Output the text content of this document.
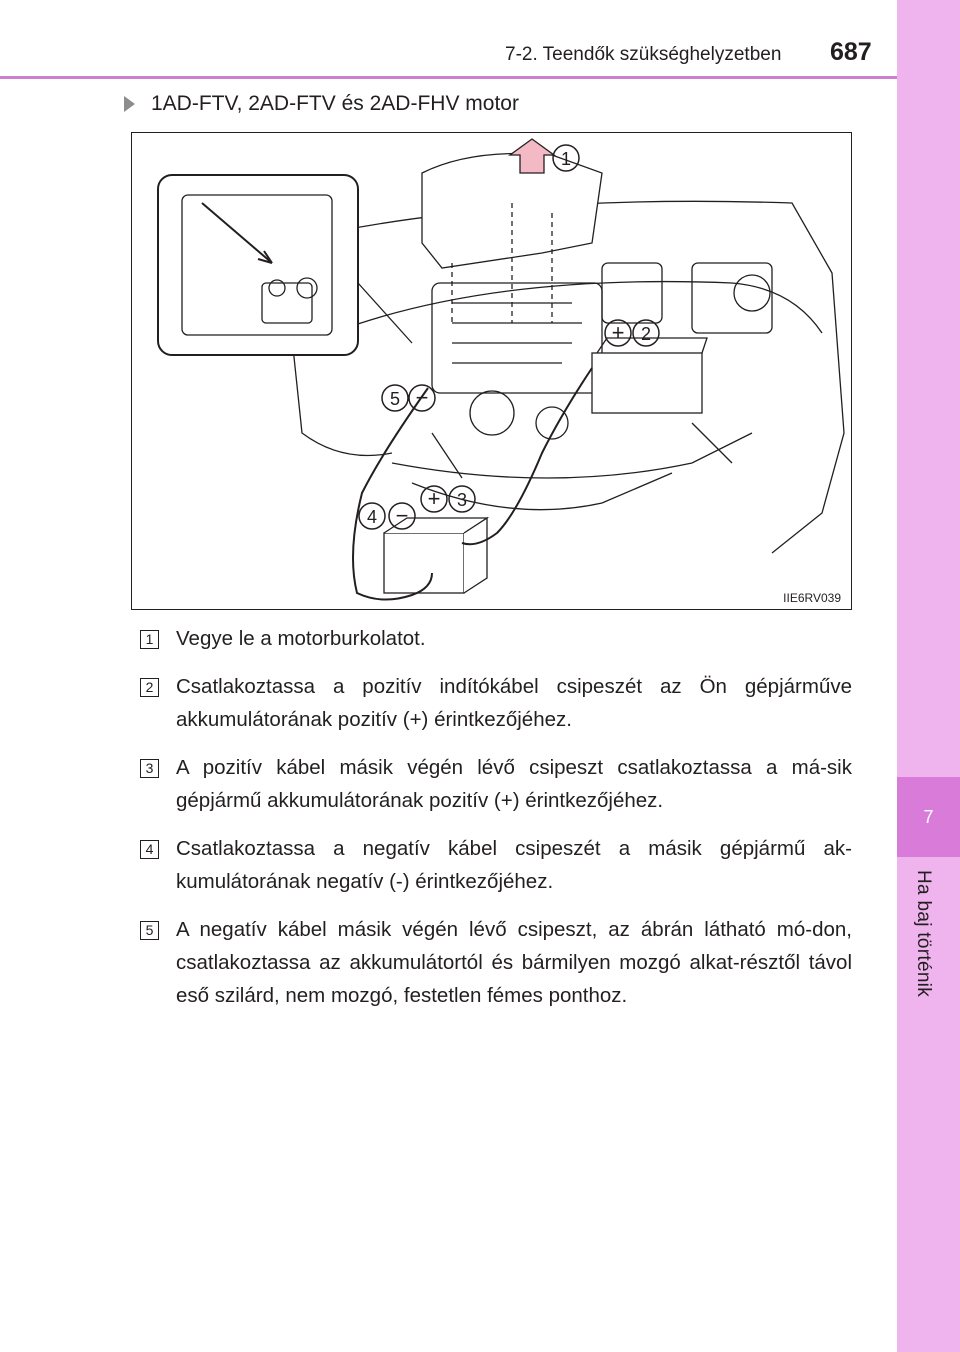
7
Ha baj történik
7-2. Teendők szükséghelyzetben 687
1AD-FTV, 2AD-FTV és 2AD-FHV motor
1
2
3
4
5
+
+
−
−
IIE6RV039
1 Vegye le a motorburkolatot.
2 Csatlakoztassa a pozitív indítókábel csipeszét az Ön gépjárműve akkumulátorának pozitív (+) érintkezőjéhez.
3 A pozitív kábel másik végén lévő csipeszt csatlakoztassa a má-sik gépjármű akkumulátorának pozitív (+) érintkezőjéhez.
4 Csatlakoztassa a negatív kábel csipeszét a másik gépjármű ak-kumulátorának negatív (-) érintkezőjéhez.
5 A negatív kábel másik végén lévő csipeszt, az ábrán látható mó-don, csatlakoztassa az akkumulátortól és bármilyen mozgó alkat-résztől távol eső szilárd, nem mozgó, festetlen fémes ponthoz.
